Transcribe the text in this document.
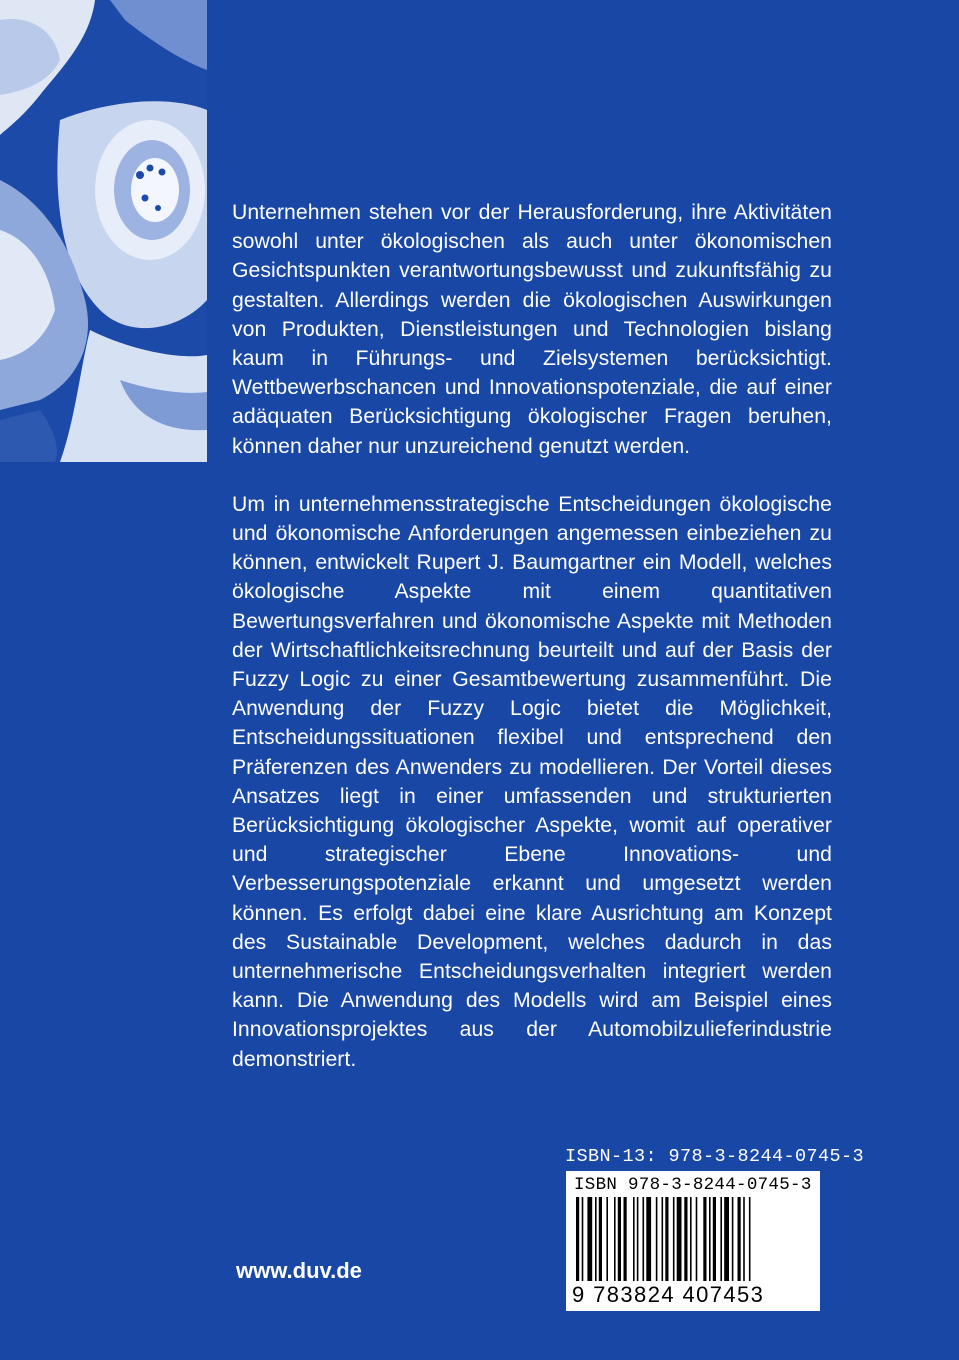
Unternehmen stehen vor der Herausforderung, ihre Aktivitäten sowohl unter ökologischen als auch unter ökonomischen Gesichtspunkten verantwortungsbewusst und zukunftsfähig zu gestalten. Allerdings werden die ökologischen Auswirkungen von Produkten, Dienstleistungen und Technologien bislang kaum in Führungs- und Zielsystemen berücksichtigt. Wettbewerbschancen und Innovationspotenziale, die auf einer adäquaten Berücksichtigung ökologischer Fragen beruhen, können daher nur unzureichend genutzt werden.

Um in unternehmensstrategische Entscheidungen ökologische und ökonomische Anforderungen angemessen einbeziehen zu können, entwickelt Rupert J. Baumgartner ein Modell, welches ökologische Aspekte mit einem quantitativen Bewertungsverfahren und ökonomische Aspekte mit Methoden der Wirtschaftlichkeitsrechnung beurteilt und auf der Basis der Fuzzy Logic zu einer Gesamtbewertung zusammenführt. Die Anwendung der Fuzzy Logic bietet die Möglichkeit, Entscheidungssituationen flexibel und entsprechend den Präferenzen des Anwenders zu modellieren. Der Vorteil dieses Ansatzes liegt in einer umfassenden und strukturierten Berücksichtigung ökologischer Aspekte, womit auf operativer und strategischer Ebene Innovations- und Verbesserungspotenziale erkannt und umgesetzt werden können. Es erfolgt dabei eine klare Ausrichtung am Konzept des Sustainable Development, welches dadurch in das unternehmerische Entscheidungsverhalten integriert werden kann. Die Anwendung des Modells wird am Beispiel eines Innovationsprojektes aus der Automobilzulieferindustrie demonstriert.

ISBN-13: 978-3-8244-0745-3
ISBN 978-3-8244-0745-3
9 783824 407453
www.duv.de
